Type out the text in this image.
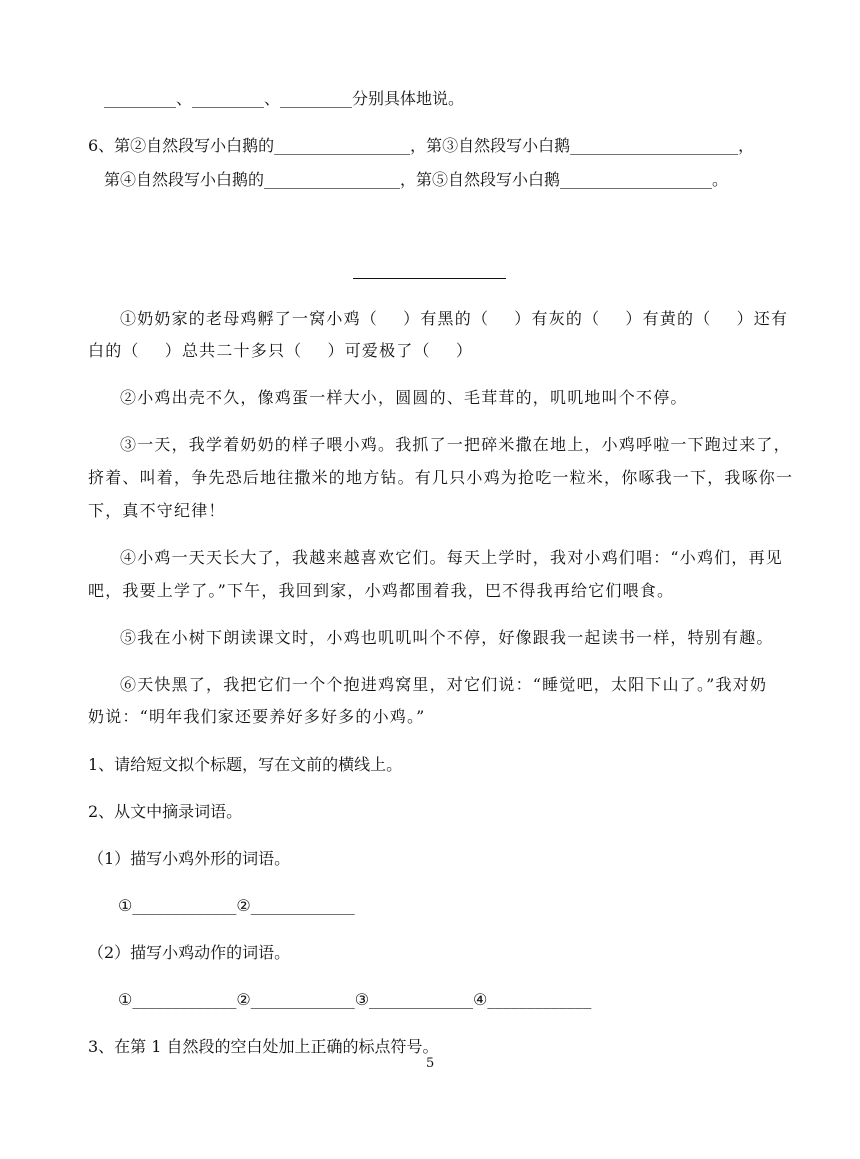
_________、_________、_________分别具体地说。
6、第②自然段写小白鹅的_________________，第③自然段写小白鹅_____________________，
第④自然段写小白鹅的_________________，第⑤自然段写小白鹅___________________。
①奶奶家的老母鸡孵了一窝小鸡（    ）有黑的（    ）有灰的（    ）有黄的（    ）还有
白的（    ）总共二十多只（    ）可爱极了（    ）
②小鸡出壳不久，像鸡蛋一样大小，圆圆的、毛茸茸的，叽叽地叫个不停。
③一天，我学着奶奶的样子喂小鸡。我抓了一把碎米撒在地上，小鸡呼啦一下跑过来了，
挤着、叫着，争先恐后地往撒米的地方钻。有几只小鸡为抢吃一粒米，你啄我一下，我啄你一
下，真不守纪律！
④小鸡一天天长大了，我越来越喜欢它们。每天上学时，我对小鸡们唱：“小鸡们，再见
吧，我要上学了。”下午，我回到家，小鸡都围着我，巴不得我再给它们喂食。
⑤我在小树下朗读课文时，小鸡也叽叽叫个不停，好像跟我一起读书一样，特别有趣。
⑥天快黑了，我把它们一个个抱进鸡窝里，对它们说：“睡觉吧，太阳下山了。”我对奶
奶说：“明年我们家还要养好多好多的小鸡。”
1、请给短文拟个标题，写在文前的横线上。
2、从文中摘录词语。
（1）描写小鸡外形的词语。
①_____________②_____________
（2）描写小鸡动作的词语。
①_____________②_____________③_____________④_____________
3、在第 1 自然段的空白处加上正确的标点符号。
5
